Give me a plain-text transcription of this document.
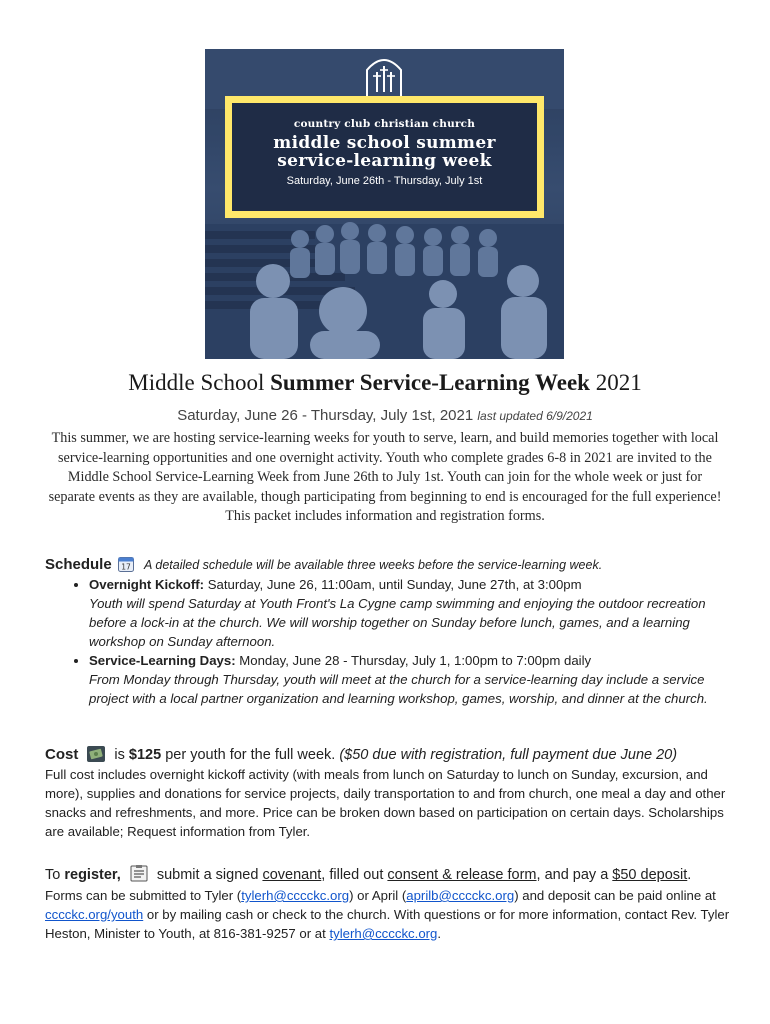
country club christian church
middle school summer
service-learning week
Saturday, June 26th - Thursday, July 1st
Middle School Summer Service-Learning Week 2021
Saturday, June 26 - Thursday, July 1st, 2021 last updated 6/9/2021
This summer, we are hosting service-learning weeks for youth to serve, learn, and build memories together with local service-learning opportunities and one overnight activity. Youth who complete grades 6-8 in 2021 are invited to the Middle School Service-Learning Week from June 26th to July 1st. Youth can join for the whole week or just for separate events as they are available, though participating from beginning to end is encouraged for the full experience! This packet includes information and registration forms.
Schedule 17 A detailed schedule will be available three weeks before the service-learning week.
• Overnight Kickoff: Saturday, June 26, 11:00am, until Sunday, June 27th, at 3:00pm
Youth will spend Saturday at Youth Front's La Cygne camp swimming and enjoying the outdoor recreation before a lock-in at the church. We will worship together on Sunday before lunch, games, and a learning workshop on Sunday afternoon.
• Service-Learning Days: Monday, June 28 - Thursday, July 1, 1:00pm to 7:00pm daily
From Monday through Thursday, youth will meet at the church for a service-learning day include a service project with a local partner organization and learning workshop, games, worship, and dinner at the church.
Cost is $125 per youth for the full week. ($50 due with registration, full payment due June 20)
Full cost includes overnight kickoff activity (with meals from lunch on Saturday to lunch on Sunday, excursion, and more), supplies and donations for service projects, daily transportation to and from church, one meal a day and other snacks and refreshments, and more. Price can be broken down based on participation on certain days. Scholarships are available; Request information from Tyler.
To register, submit a signed covenant, filled out consent & release form, and pay a $50 deposit.
Forms can be submitted to Tyler (tylerh@cccckc.org) or April (aprilb@cccckc.org) and deposit can be paid online at cccckc.org/youth or by mailing cash or check to the church. With questions or for more information, contact Rev. Tyler Heston, Minister to Youth, at 816-381-9257 or at tylerh@cccckc.org.
